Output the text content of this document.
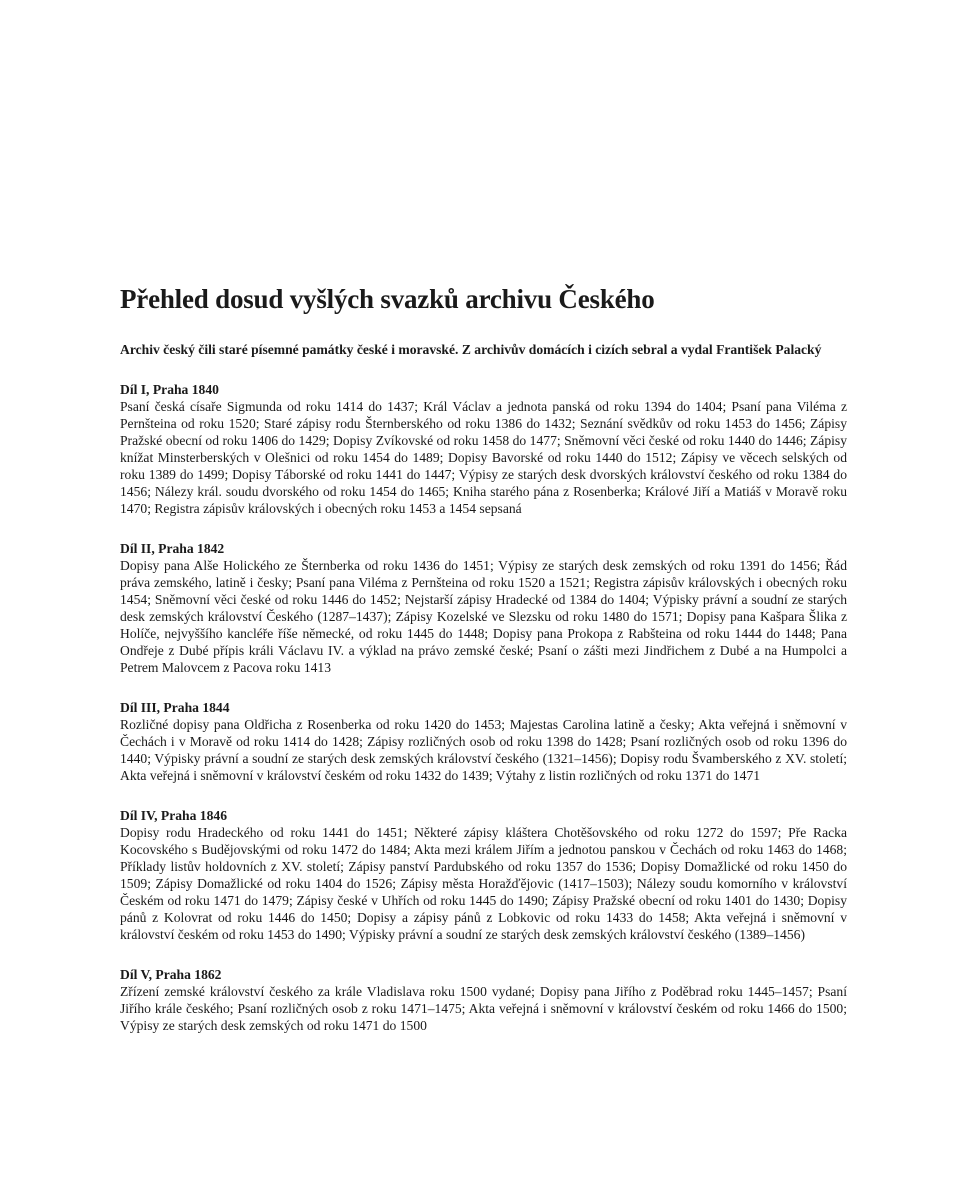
Přehled dosud vyšlých svazků archivu Českého

Archiv český čili staré písemné památky české i moravské. Z archivův domácích i cizích sebral a vydal František Palacký

Díl I, Praha 1840

Psaní česká císaře Sigmunda od roku 1414 do 1437; Král Václav a jednota panská od roku 1394 do 1404; Psaní pana Viléma z Pernšteina od roku 1520; Staré zápisy rodu Šternberského od roku 1386 do 1432; Seznání svědkův od roku 1453 do 1456; Zápisy Pražské obecní od roku 1406 do 1429; Dopisy Zvíkovské od roku 1458 do 1477; Sněmovní věci české od roku 1440 do 1446; Zápisy knížat Minsterberských v Olešnici od roku 1454 do 1489; Dopisy Bavorské od roku 1440 do 1512; Zápisy ve věcech selských od roku 1389 do 1499; Dopisy Táborské od roku 1441 do 1447; Výpisy ze starých desk dvorských království českého od roku 1384 do 1456; Nálezy král. soudu dvorského od roku 1454 do 1465; Kniha starého pána z Rosenberka; Králové Jiří a Matiáš v Moravě roku 1470; Registra zápisův královských i obecných roku 1453 a 1454 sepsaná

Díl II, Praha 1842

Dopisy pana Alše Holického ze Šternberka od roku 1436 do 1451; Výpisy ze starých desk zemských od roku 1391 do 1456; Řád práva zemského, latině i česky; Psaní pana Viléma z Pernšteina od roku 1520 a 1521; Registra zápisův královských i obecných roku 1454; Sněmovní věci české od roku 1446 do 1452; Nejstarší zápisy Hradecké od 1384 do 1404; Výpisky právní a soudní ze starých desk zemských království Českého (1287–1437); Zápisy Kozelské ve Slezsku od roku 1480 do 1571; Dopisy pana Kašpara Šlika z Holíče, nejvyššího kancléře říše německé, od roku 1445 do 1448; Dopisy pana Prokopa z Rabšteina od roku 1444 do 1448; Pana Ondřeje z Dubé přípis králi Václavu IV. a výklad na právo zemské české; Psaní o zášti mezi Jindřichem z Dubé a na Humpolci a Petrem Malovcem z Pacova roku 1413

Díl III, Praha 1844

Rozličné dopisy pana Oldřicha z Rosenberka od roku 1420 do 1453; Majestas Carolina latině a česky; Akta veřejná i sněmovní v Čechách i v Moravě od roku 1414 do 1428; Zápisy rozličných osob od roku 1398 do 1428; Psaní rozličných osob od roku 1396 do 1440; Výpisky právní a soudní ze starých desk zemských království českého (1321–1456); Dopisy rodu Švamberského z XV. století; Akta veřejná i sněmovní v království českém od roku 1432 do 1439; Výtahy z listin rozličných od roku 1371 do 1471

Díl IV, Praha 1846

Dopisy rodu Hradeckého od roku 1441 do 1451; Některé zápisy kláštera Chotěšovského od roku 1272 do 1597; Pře Racka Kocovského s Budějovskými od roku 1472 do 1484; Akta mezi králem Jiřím a jednotou panskou v Čechách od roku 1463 do 1468; Příklady listův holdovních z XV. století; Zápisy panství Pardubského od roku 1357 do 1536; Dopisy Domažlické od roku 1450 do 1509; Zápisy Domažlické od roku 1404 do 1526; Zápisy města Horažďějovic (1417–1503); Nálezy soudu komorního v království Českém od roku 1471 do 1479; Zápisy české v Uhřích od roku 1445 do 1490; Zápisy Pražské obecní od roku 1401 do 1430; Dopisy pánů z Kolovrat od roku 1446 do 1450; Dopisy a zápisy pánů z Lobkovic od roku 1433 do 1458; Akta veřejná i sněmovní v království českém od roku 1453 do 1490; Výpisky právní a soudní ze starých desk zemských království českého (1389–1456)

Díl V, Praha 1862

Zřízení zemské království českého za krále Vladislava roku 1500 vydané; Dopisy pana Jiřího z Poděbrad roku 1445–1457; Psaní Jiřího krále českého; Psaní rozličných osob z roku 1471–1475; Akta veřejná i sněmovní v království českém od roku 1466 do 1500; Výpisy ze starých desk zemských od roku 1471 do 1500
